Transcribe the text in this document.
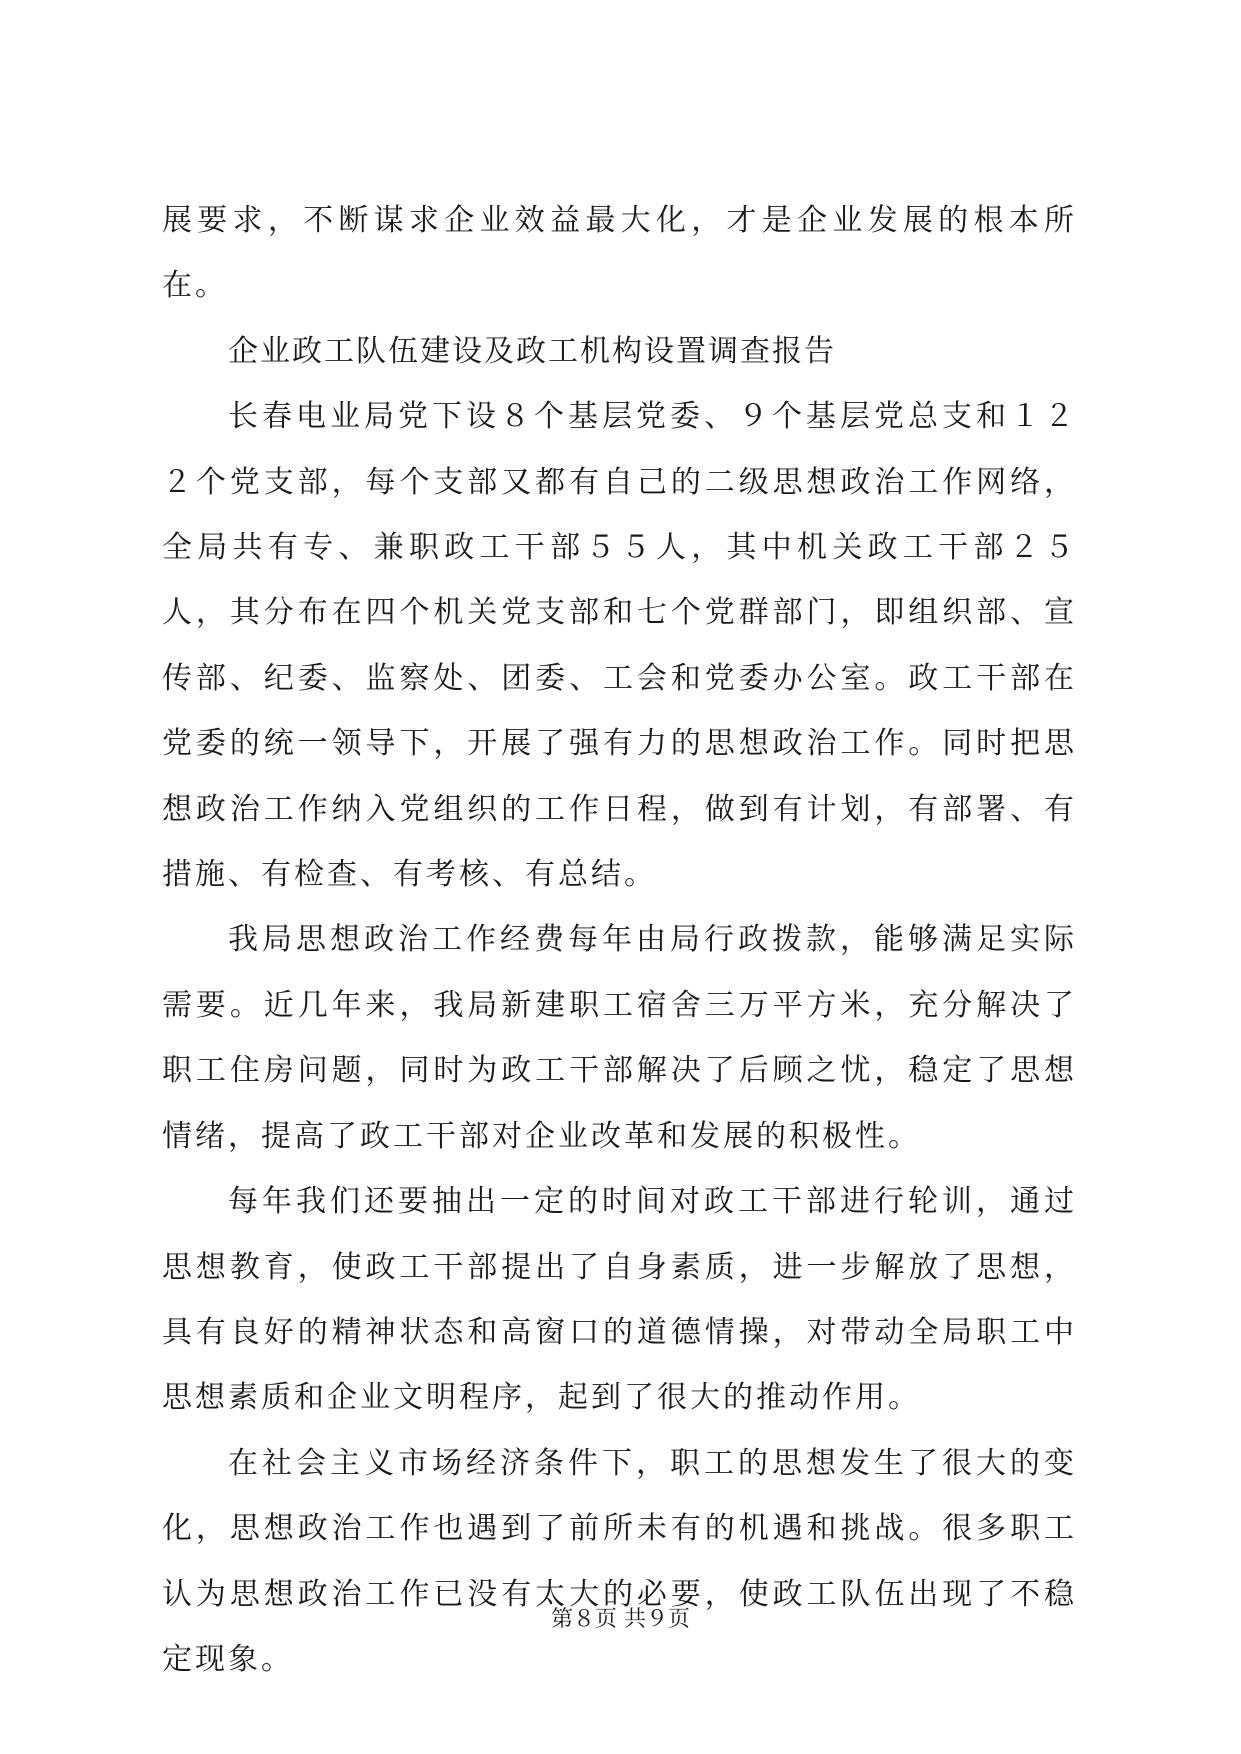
展要求，不断谋求企业效益最大化，才是企业发展的根本所在。

企业政工队伍建设及政工机构设置调查报告

长春电业局党下设８个基层党委、９个基层党总支和１２２个党支部，每个支部又都有自己的二级思想政治工作网络，全局共有专、兼职政工干部５５人，其中机关政工干部２５人，其分布在四个机关党支部和七个党群部门，即组织部、宣传部、纪委、监察处、团委、工会和党委办公室。政工干部在党委的统一领导下，开展了强有力的思想政治工作。同时把思想政治工作纳入党组织的工作日程，做到有计划，有部署、有措施、有检查、有考核、有总结。

我局思想政治工作经费每年由局行政拨款，能够满足实际需要。近几年来，我局新建职工宿舍三万平方米，充分解决了职工住房问题，同时为政工干部解决了后顾之忧，稳定了思想情绪，提高了政工干部对企业改革和发展的积极性。

每年我们还要抽出一定的时间对政工干部进行轮训，通过思想教育，使政工干部提出了自身素质，进一步解放了思想，具有良好的精神状态和高窗口的道德情操，对带动全局职工中思想素质和企业文明程序，起到了很大的推动作用。

在社会主义市场经济条件下，职工的思想发生了很大的变化，思想政治工作也遇到了前所未有的机遇和挑战。很多职工认为思想政治工作已没有太大的必要，使政工队伍出现了不稳定现象。

第８页 共９页
